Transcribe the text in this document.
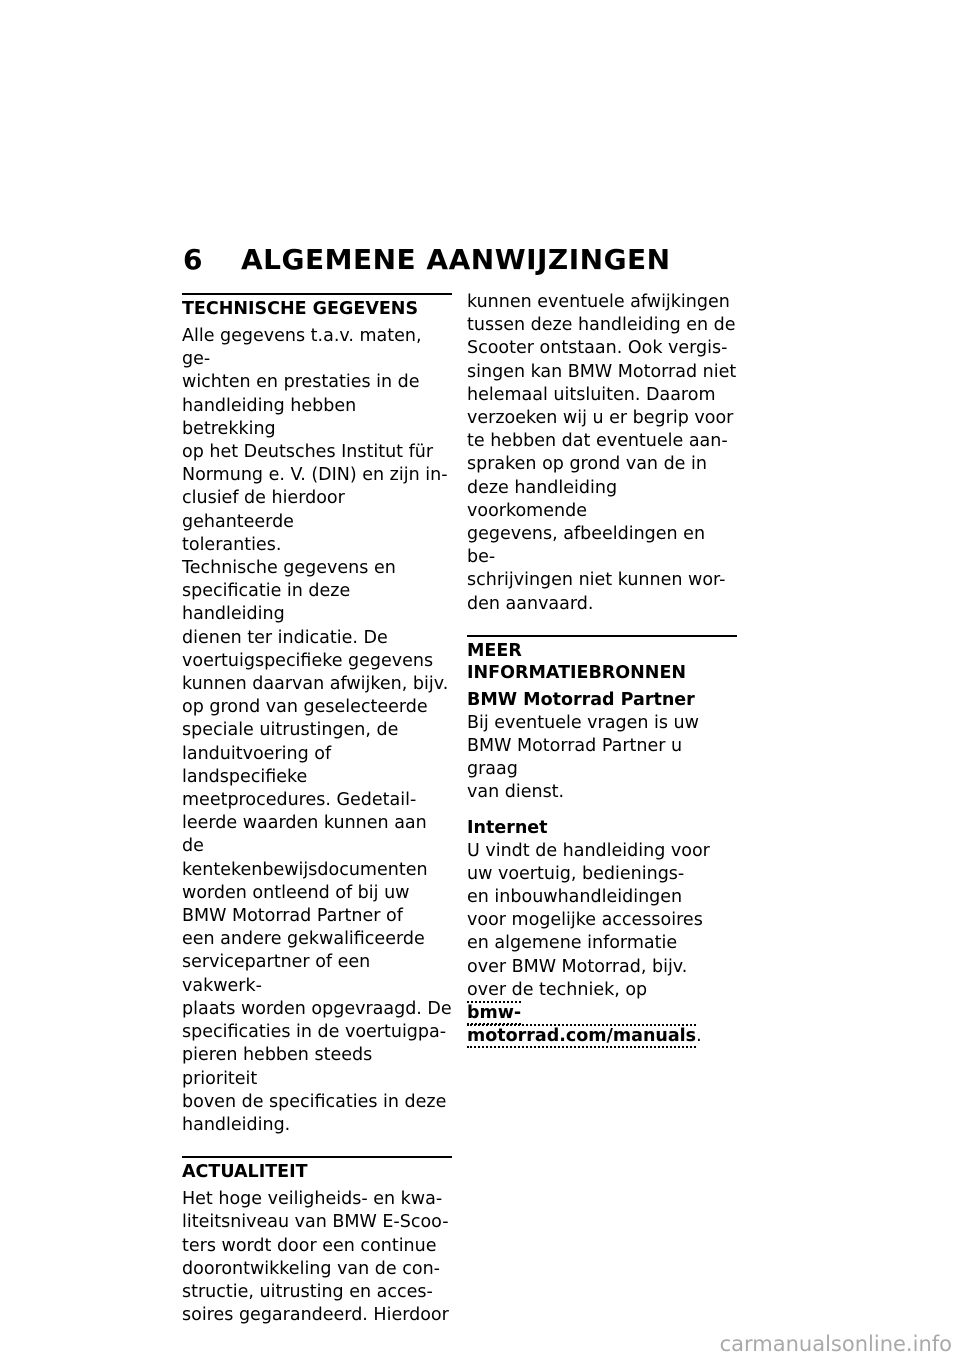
6 ALGEMENE AANWIJZINGEN
TECHNISCHE GEGEVENS

Alle gegevens t.a.v. maten, ge-
wichten en prestaties in de
handleiding hebben betrekking
op het Deutsches Institut für
Normung e. V. (DIN) en zijn in-
clusief de hierdoor gehanteerde
toleranties.

Technische gegevens en
specificatie in deze handleiding
dienen ter indicatie. De
voertuigspecifieke gegevens
kunnen daarvan afwijken, bijv.
op grond van geselecteerde
speciale uitrustingen, de
landuitvoering of landspecifieke
meetprocedures. Gedetail-
leerde waarden kunnen aan de
kentekenbewijsdocumenten
worden ontleend of bij uw
BMW Motorrad Partner of
een andere gekwalificeerde
servicepartner of een vakwerk-
plaats worden opgevraagd. De
specificaties in de voertuigpa-
pieren hebben steeds prioriteit
boven de specificaties in deze
handleiding.

ACTUALITEIT

Het hoge veiligheids- en kwa-
liteitsniveau van BMW E-Scoo-
ters wordt door een continue
doorontwikkeling van de con-
structie, uitrusting en acces-
soires gegarandeerd. Hierdoor

kunnen eventuele afwijkingen
tussen deze handleiding en de
Scooter ontstaan. Ook vergis-
singen kan BMW Motorrad niet
helemaal uitsluiten. Daarom
verzoeken wij u er begrip voor
te hebben dat eventuele aan-
spraken op grond van de in
deze handleiding voorkomende
gegevens, afbeeldingen en be-
schrijvingen niet kunnen wor-
den aanvaard.

MEER
INFORMATIEBRONNEN
BMW Motorrad Partner

Bij eventuele vragen is uw
BMW Motorrad Partner u graag
van dienst.

Internet

U vindt de handleiding voor
uw voertuig, bedienings-
en inbouwhandleidingen
voor mogelijke accessoires
en algemene informatie
over BMW Motorrad, bijv.
over de techniek, op

bmw-motorrad.com/manuals.

carmanualsonline.info
